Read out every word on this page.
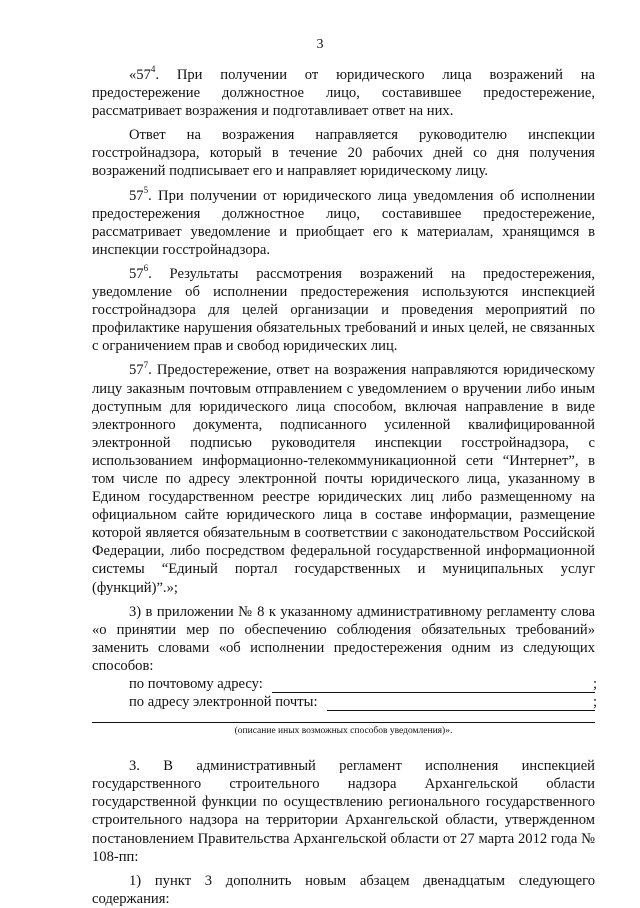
3

«$57^4$. При получении от юридического лица возражений на предостережение должностное лицо, составившее предостережение, рассматривает возражения и подготавливает ответ на них.

Ответ на возражения направляется руководителю инспекции госстройнадзора, который в течение 20 рабочих дней со дня получения возражений подписывает его и направляет юридическому лицу.

$57^5$. При получении от юридического лица уведомления об исполнении предостережения должностное лицо, составившее предостережение, рассматривает уведомление и приобщает его к материалам, хранящимся в инспекции госстройнадзора.

$57^6$. Результаты рассмотрения возражений на предостережения, уведомление об исполнении предостережения используются инспекцией госстройнадзора для целей организации и проведения мероприятий по профилактике нарушения обязательных требований и иных целей, не связанных с ограничением прав и свобод юридических лиц.

$57^7$. Предостережение, ответ на возражения направляются юридическому лицу заказным почтовым отправлением с уведомлением о вручении либо иным доступным для юридического лица способом, включая направление в виде электронного документа, подписанного усиленной квалифицированной электронной подписью руководителя инспекции госстройнадзора, с использованием информационно-телекоммуникационной сети “Интернет”, в том числе по адресу электронной почты юридического лица, указанному в Едином государственном реестре юридических лиц либо размещенному на официальном сайте юридического лица в составе информации, размещение которой является обязательным в соответствии с законодательством Российской Федерации, либо посредством федеральной государственной информационной системы “Единый портал государственных и муниципальных услуг (функций)”.»;

3) в приложении № 8 к указанному административному регламенту слова «о принятии мер по обеспечению соблюдения обязательных требований» заменить словами «об исполнении предостережения одним из следующих способов:

по почтовому адресу:	;
по адресу электронной почты:	;

(описание иных возможных способов уведомления)».

3. В административный регламент исполнения инспекцией государственного строительного надзора Архангельской области государственной функции по осуществлению регионального государственного строительного надзора на территории Архангельской области, утвержденном постановлением Правительства Архангельской области от 27 марта 2012 года № 108-пп:

1) пункт 3 дополнить новым абзацем двенадцатым следующего содержания:
